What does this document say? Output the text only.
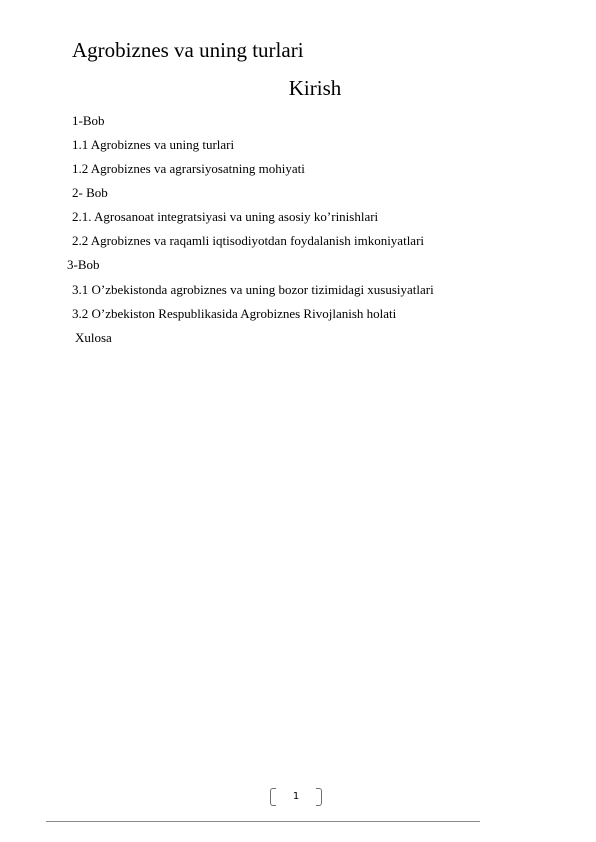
Agrobiznes va uning turlari
Kirish
1-Bob
1.1 Agrobiznes va uning turlari
1.2 Agrobiznes va agrarsiyosatning mohiyati
2- Bob
2.1. Agrosanoat integratsiyasi va uning asosiy ko’rinishlari
2.2 Agrobiznes va raqamli iqtisodiyotdan foydalanish imkoniyatlari
3-Bob
3.1 O’zbekistonda agrobiznes va uning bozor tizimidagi xususiyatlari
3.2 O’zbekiston Respublikasida Agrobiznes Rivojlanish holati
Xulosa
1
